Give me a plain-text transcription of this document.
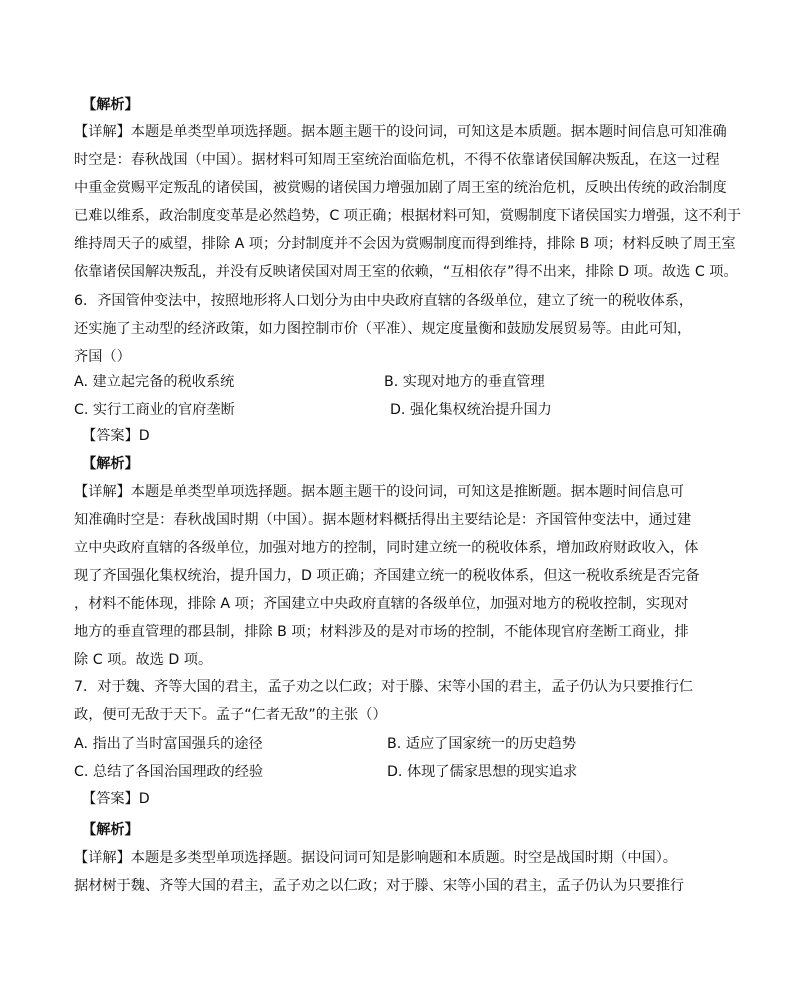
【解析】
【详解】本题是单类型单项选择题。据本题主题干的设问词，可知这是本质题。据本题时间信息可知准确
时空是：春秋战国（中国）。据材料可知周王室统治面临危机，不得不依靠诸侯国解决叛乱，在这一过程
中重金赏赐平定叛乱的诸侯国，被赏赐的诸侯国力增强加剧了周王室的统治危机，反映出传统的政治制度
已难以维系，政治制度变革是必然趋势，C 项正确；根据材料可知，赏赐制度下诸侯国实力增强，这不利于
维持周天子的威望，排除 A 项；分封制度并不会因为赏赐制度而得到维持，排除 B 项；材料反映了周王室
依靠诸侯国解决叛乱，并没有反映诸侯国对周王室的依赖，“互相依存”得不出来，排除 D 项。故选 C 项。
6．齐国管仲变法中，按照地形将人口划分为由中央政府直辖的各级单位，建立了统一的税收体系，
还实施了主动型的经济政策，如力图控制市价（平准）、规定度量衡和鼓励发展贸易等。由此可知，
齐国（）
A. 建立起完备的税收系统	B. 实现对地方的垂直管理
C. 实行工商业的官府垄断	D. 强化集权统治提升国力
【答案】D
【解析】
【详解】本题是单类型单项选择题。据本题主题干的设问词，可知这是推断题。据本题时间信息可
知准确时空是：春秋战国时期（中国）。据本题材料概括得出主要结论是：齐国管仲变法中，通过建
立中央政府直辖的各级单位，加强对地方的控制，同时建立统一的税收体系，增加政府财政收入，体
现了齐国强化集权统治，提升国力，D 项正确；齐国建立统一的税收体系，但这一税收系统是否完备
，材料不能体现，排除 A 项；齐国建立中央政府直辖的各级单位，加强对地方的税收控制，实现对
地方的垂直管理的郡县制，排除 B 项；材料涉及的是对市场的控制，不能体现官府垄断工商业，排
除 C 项。故选 D 项。
7．对于魏、齐等大国的君主，孟子劝之以仁政；对于滕、宋等小国的君主，孟子仍认为只要推行仁
政，便可无敌于天下。孟子“仁者无敌”的主张（）
A. 指出了当时富国强兵的途径	B. 适应了国家统一的历史趋势
C. 总结了各国治国理政的经验	D. 体现了儒家思想的现实追求
【答案】D
【解析】
【详解】本题是多类型单项选择题。据设问词可知是影响题和本质题。时空是战国时期（中国）。
据材树于魏、齐等大国的君主，孟子劝之以仁政；对于滕、宋等小国的君主，孟子仍认为只要推行
